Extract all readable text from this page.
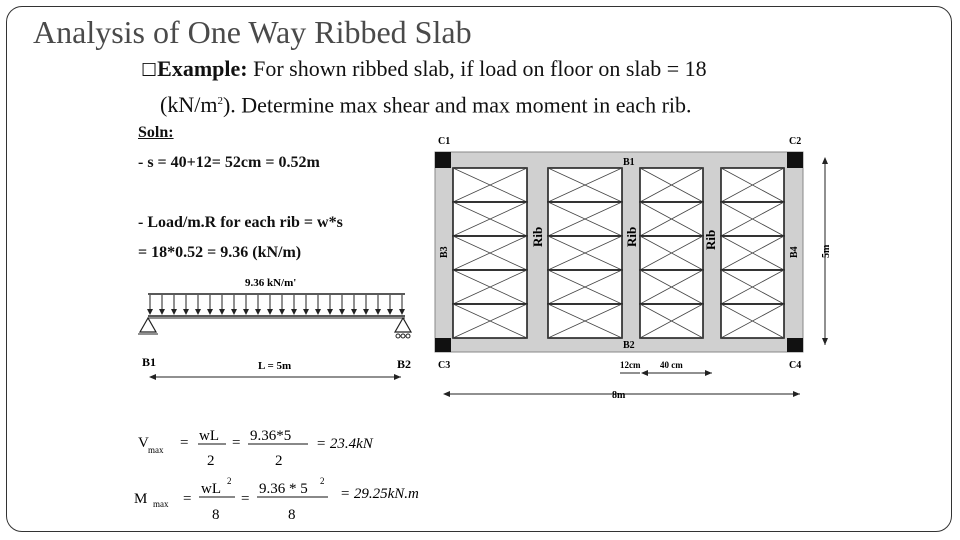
Analysis of One Way Ribbed Slab
☐Example: For shown ribbed slab, if load on floor on slab = 18
$(kN/m^2)$. Determine max shear and max moment in each rib.
Soln:
- s = 40+12= 52cm = 0.52m
- Load/m.R for each rib = w*s
= 18*0.52 = 9.36 (kN/m)
9.36 kN/m'
B1	B2
L = 5m
V max = wL
2
= 9.36*5
2
= 23.4kN
M max =
wL 2
8
=
9.36 * 5 2
8
= 29.25kN.m
C1	C2
C3	C4
B1
B2
B3	B4
Rib	Rib	Rib
5m
8m
12cm 40 cm
